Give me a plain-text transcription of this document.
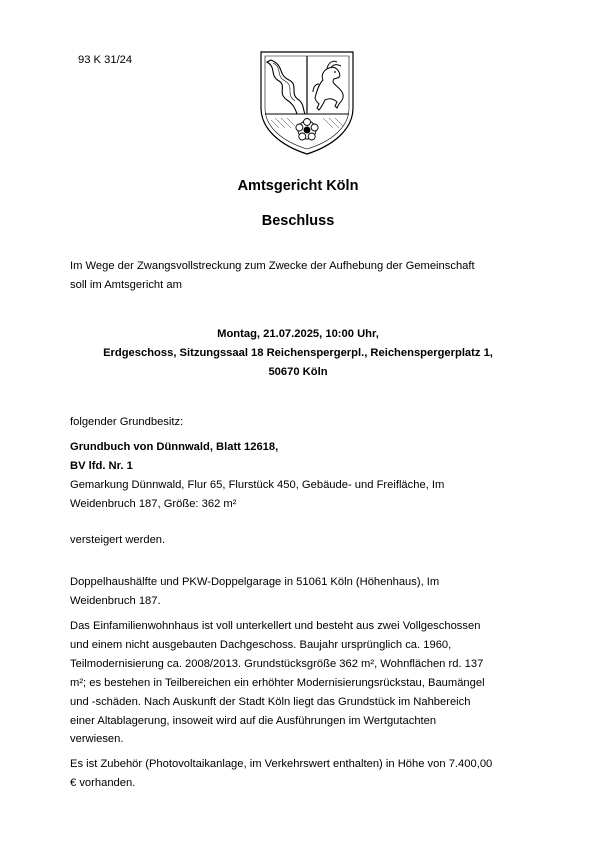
93 K 31/24
Amtsgericht Köln
Beschluss
Im Wege der Zwangsvollstreckung zum Zwecke der Aufhebung der Gemeinschaft
soll im Amtsgericht am
Montag, 21.07.2025, 10:00 Uhr,
Erdgeschoss, Sitzungssaal 18 Reichenspergerpl., Reichenspergerplatz 1,
50670 Köln
folgender Grundbesitz:
Grundbuch von Dünnwald, Blatt 12618,
BV lfd. Nr. 1
Gemarkung Dünnwald, Flur 65, Flurstück 450, Gebäude- und Freifläche, Im
Weidenbruch 187, Größe: 362 m²
versteigert werden.
Doppelhaushälfte und PKW-Doppelgarage in 51061 Köln (Höhenhaus), Im
Weidenbruch 187.
Das Einfamilienwohnhaus ist voll unterkellert und besteht aus zwei Vollgeschossen
und einem nicht ausgebauten Dachgeschoss. Baujahr ursprünglich ca. 1960,
Teilmodernisierung ca. 2008/2013. Grundstücksgröße 362 m², Wohnflächen rd. 137
m²; es bestehen in Teilbereichen ein erhöhter Modernisierungsrückstau, Baumängel
und -schäden. Nach Auskunft der Stadt Köln liegt das Grundstück im Nahbereich
einer Altablagerung, insoweit wird auf die Ausführungen im Wertgutachten
verwiesen.
Es ist Zubehör (Photovoltaikanlage, im Verkehrswert enthalten) in Höhe von 7.400,00
€ vorhanden.
